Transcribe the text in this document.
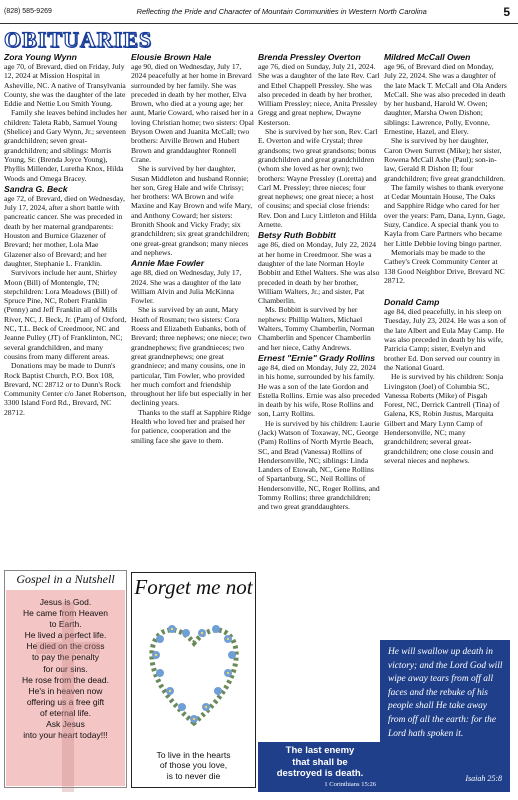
(828) 585-9269	Reflecting the Pride and Character of Mountain Communities in Western North Carolina	5
OBITUARIES
Zora Young Wynn

age 70, of Brevard, died on Friday, July 12, 2024 at Mission Hospital in Asheville, NC. A native of Transylvania County, she was the daughter of the late Eddie and Nettie Lou Smith Young.

Family she leaves behind includes her children: Taleta Rabb, Samuel Young (Shelice) and Gary Wynn, Jr.; seventeen grandchildren; seven great-grandchildren; and siblings: Morris Young, Sr. (Brenda Joyce Young), Phyllis Millender, Luretha Knox, Hilda Woods and Omega Bracey.

Sandra G. Beck

age 72, of Brevard, died on Wednesday, July 17, 2024, after a short battle with pancreatic cancer. She was preceded in death by her maternal grandparents: Houston and Burnice Glazener of Brevard; her mother, Lola Mae Glazener also of Brevard; and her daughter, Stephanie L. Franklin.

Survivors include her aunt, Shirley Moon (Bill) of Montengle, TN; stepchildren: Lora Meadows (Bill) of Spruce Pine, NC, Robert Franklin (Penny) and Jeff Franklin all of Mills River, NC, J. Beck, Jr. (Pam) of Oxford, NC, T.L. Beck of Creedmoor, NC and Jeanne Pulley (JT) of Franklinton, NC; several grandchildren, and many cousins from many different areas.

Donations may be made to Dunn's Rock Baptist Church, P.O. Box 108, Brevard, NC 28712 or to Dunn's Rock Community Center c/o Janet Robertson, 3300 Island Ford Rd., Brevard, NC 28712.

Elousie Brown Hale

age 90, died on Wednesday, July 17, 2024 peacefully at her home in Brevard surrounded by her family. She was preceded in death by her mother, Elva Brown, who died at a young age; her aunt, Marie Coward, who raised her in a loving Christian home; two sisters: Opal Bryson Owen and Juanita McCall; two brothers: Arville Brown and Hubert Brown and granddaughter Ronnell Crane.

She is survived by her daughter, Susan Middleton and husband Ronnie; her son, Greg Hale and wife Chrissy; her brothers: WA Brown and wife Maxine and Kay Brown and wife Mary, and Anthony Coward; her sisters: Bronith Shook and Vicky Frady; six grandchildren; six great grandchildren; one great-great grandson; many nieces and nephews.

Annie Mae Fowler

age 88, died on Wednesday, July 17, 2024. She was a daughter of the late William Alvin and Julia McKinna Fowler.

She is survived by an aunt, Mary Heath of Rosman; two sisters: Cora Roess and Elizabeth Eubanks, both of Brevard; three nephews; one niece; two grandnephews; five grandnieces; two great grandnephews; one great grandniece; and many cousins, one in particular, Tim Fowler, who provided her much comfort and friendship throughout her life but especially in her declining years.

Thanks to the staff at Sapphire Ridge Health who loved her and praised her for patience, cooperation and the smiling face she gave to them.

Brenda Pressley Overton

age 76, died on Sunday, July 21, 2024. She was a daughter of the late Rev. Carl and Ethel Chappell Pressley. She was also preceded in death by her brother, William Pressley; niece, Anita Pressley Gregg and great nephew, Dwayne Kesterson.

She is survived by her son, Rev. Carl E. Overton and wife Crystal; three grandsons; two great grandsons; bonus grandchildren and great grandchildren (whom she loved as her own); two brothers: Wayne Pressley (Loretta) and Carl M. Pressley; three nieces; four great nephews; one great niece; a host of cousins; and special close friends: Rev. Don and Lucy Littleton and Hilda Arnette.

Betsy Ruth Bobbitt

age 86, died on Monday, July 22, 2024 at her home in Creedmoor. She was a daughter of the late Norman Hoyle Bobbitt and Ethel Walters. She was also preceded in death by her brother, William Walters, Jr.; and sister, Pat Chamberlin.

Ms. Bobbitt is survived by her nephews: Phillip Walters, Michael Walters, Tommy Chamberlin, Norman Chamberlin and Spencer Chamberlin and her niece, Cathy Andrews.

Ernest "Ernie" Grady Rollins

age 84, died on Monday, July 22, 2024 in his home, surrounded by his family. He was a son of the late Gordon and Estella Rollins. Ernie was also preceded in death by his wife, Rose Rollins and son, Larry Rollins.

He is survived by his children: Laurie (Jack) Watson of Toxaway, NC, George (Pam) Rollins of North Myrtle Beach, SC, and Brad (Vanessa) Rollins of Hendersonville, NC; siblings: Linda Landers of Etowah, NC, Gene Rollins of Spartanburg, SC, Neil Rollins of Hendersonville, NC, Roger Rollins, and Tommy Rollins; three grandchildren; and two great granddaughters.

Mildred McCall Owen

age 96, of Brevard died on Monday, July 22, 2024. She was a daughter of the late Mack T. McCall and Ola Anders McCall. She was also preceded in death by her husband, Harold W. Owen; daughter, Marsha Owen Dishon; siblings: Lawrence, Polly, Evonne, Ernestine, Hazel, and Elery.

She is survived by her daughter, Caron Owen Surrett (Mike); her sister, Rowena McCall Ashe (Paul); son-in-law, Gerald R Dishon II; four grandchildren; five great grandchildren.

The family wishes to thank everyone at Cedar Mountain House, The Oaks and Sapphire Ridge who cared for her over the years: Pam, Dana, Lynn, Gage, Suzy, Candice. A special thank you to Kayla from Care Partners who became her Little Debbie loving bingo partner.

Memorials may be made to the Cathey's Creek Community Center at 138 Good Neighbor Drive, Brevard NC 28712.

Donald Camp

age 84, died peacefully, in his sleep on Tuesday, July 23, 2024. He was a son of the late Albert and Eula May Camp. He was also preceded in death by his wife, Patricia Camp; sister, Evelyn and brother Ed. Don served our country in the National Guard.

He is survived by his children: Sonja Livingston (Joel) of Columbia SC, Vanessa Roberts (Mike) of Pisgah Forest, NC, Derrick Cantrell (Tina) of Galena, KS, Robin Justus, Marquita Gilbert and Mary Lynn Camp of Hendersonville, NC; many grandchildren; several great-grandchildren; one close cousin and several nieces and nephews.

Gospel in a Nutshell
Jesus is God.
He came from Heaven
to Earth.
He lived a perfect life.
He died on the cross
to pay the penalty
for our sins.
He rose from the dead.
He's in heaven now
offering us a free gift
of eternal life.
Ask Jesus
into your heart today!!!
Forget me not
To live in the hearts
of those you love,
is to never die
The last enemy
that shall be
destroyed is death.
1 Corinthians 15:26
He will swallow up death in
victory; and the Lord God will
wipe away tears from off all
faces and the rebuke of his
people shall He take away
from off all the earth: for the
Lord hath spoken it.
Isaiah 25:8
